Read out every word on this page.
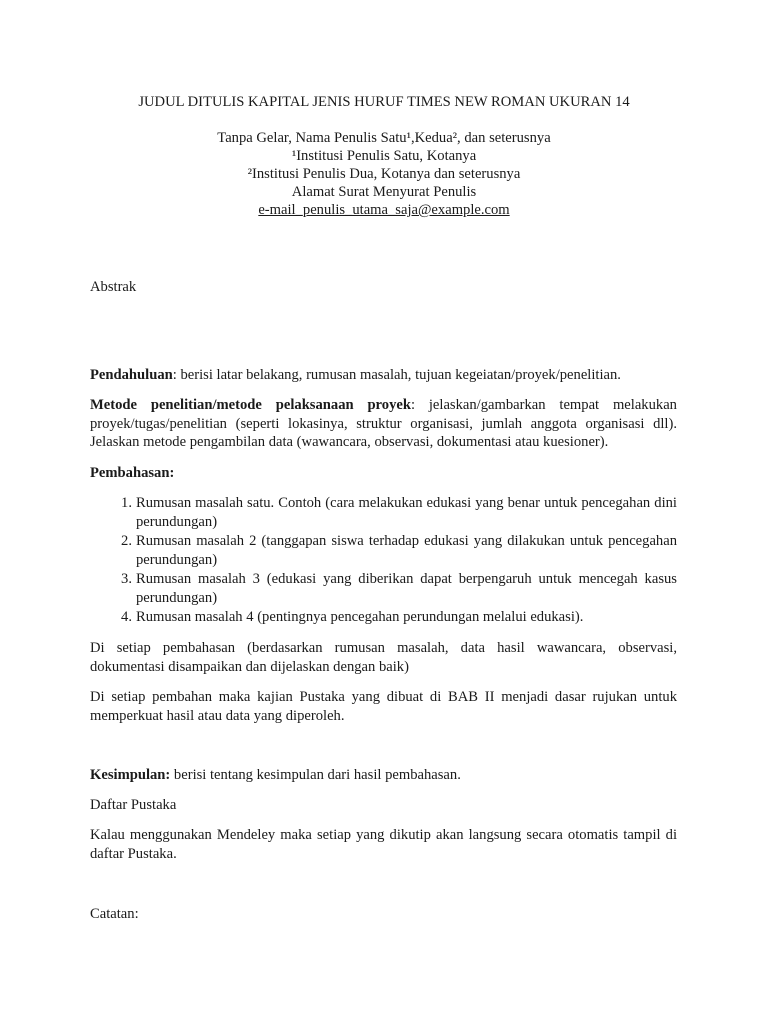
JUDUL DITULIS KAPITAL JENIS HURUF TIMES NEW ROMAN UKURAN 14
Tanpa Gelar, Nama Penulis Satu¹,Kedua², dan seterusnya
¹Institusi Penulis Satu, Kotanya
²Institusi Penulis Dua, Kotanya dan seterusnya
Alamat Surat Menyurat Penulis
e-mail_penulis_utama_saja@example.com
Abstrak
Pendahuluan: berisi latar belakang, rumusan masalah, tujuan kegeiatan/proyek/penelitian.
Metode penelitian/metode pelaksanaan proyek: jelaskan/gambarkan tempat melakukan proyek/tugas/penelitian (seperti lokasinya, struktur organisasi, jumlah anggota organisasi dll). Jelaskan metode pengambilan data (wawancara, observasi, dokumentasi atau kuesioner).
Pembahasan:
1. Rumusan masalah satu. Contoh (cara melakukan edukasi yang benar untuk pencegahan dini perundungan)
2. Rumusan masalah 2 (tanggapan siswa terhadap edukasi yang dilakukan untuk pencegahan perundungan)
3. Rumusan masalah 3 (edukasi yang diberikan dapat berpengaruh untuk mencegah kasus perundungan)
4. Rumusan masalah 4 (pentingnya pencegahan perundungan melalui edukasi).
Di setiap pembahasan (berdasarkan rumusan masalah, data hasil wawancara, observasi, dokumentasi disampaikan dan dijelaskan dengan baik)
Di setiap pembahan maka kajian Pustaka yang dibuat di BAB II menjadi dasar rujukan untuk memperkuat hasil atau data yang diperoleh.
Kesimpulan: berisi tentang kesimpulan dari hasil pembahasan.
Daftar Pustaka
Kalau menggunakan Mendeley maka setiap yang dikutip akan langsung secara otomatis tampil di daftar Pustaka.
Catatan:
